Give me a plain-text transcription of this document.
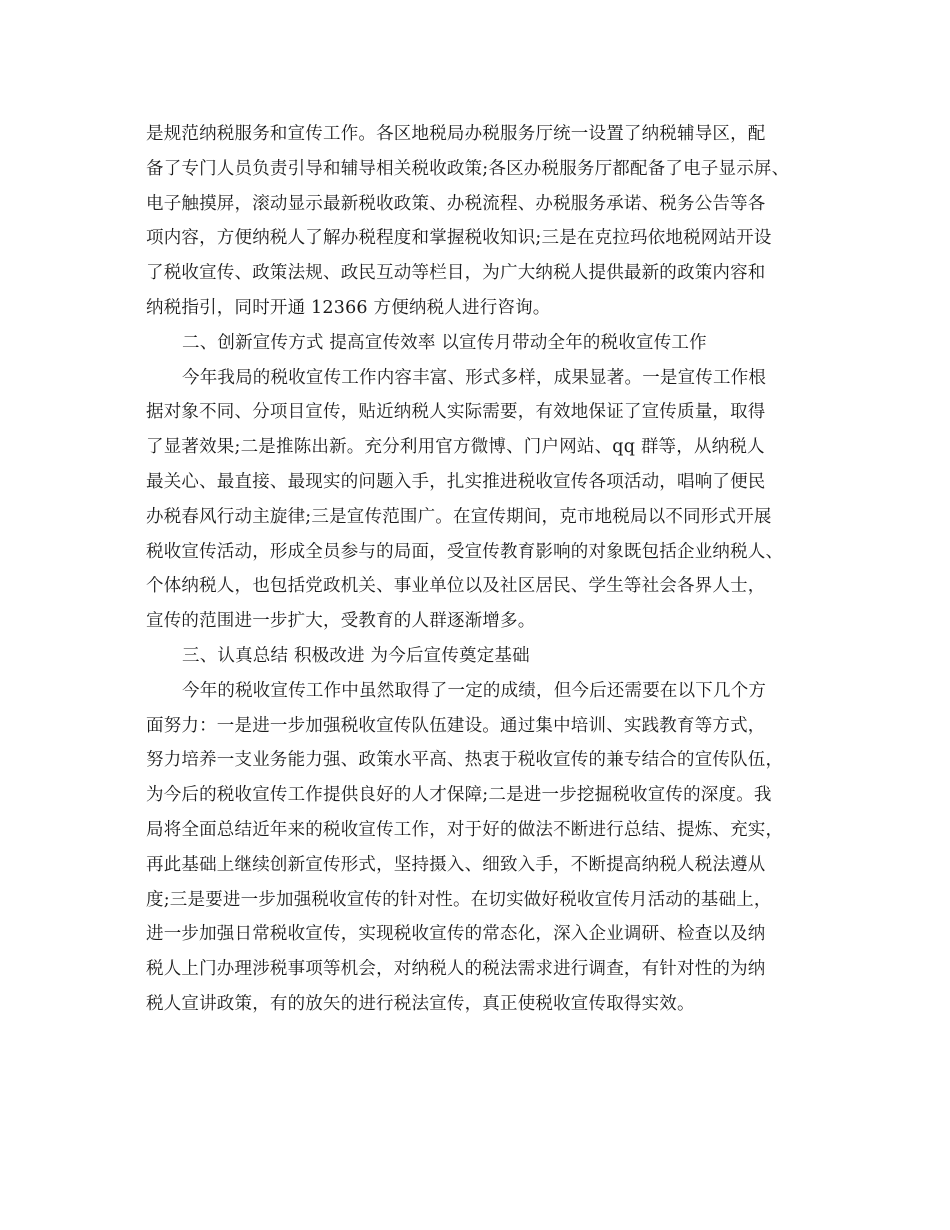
是规范纳税服务和宣传工作。各区地税局办税服务厅统一设置了纳税辅导区，配
备了专门人员负责引导和辅导相关税收政策;各区办税服务厅都配备了电子显示屏、
电子触摸屏，滚动显示最新税收政策、办税流程、办税服务承诺、税务公告等各
项内容，方便纳税人了解办税程度和掌握税收知识;三是在克拉玛依地税网站开设
了税收宣传、政策法规、政民互动等栏目，为广大纳税人提供最新的政策内容和
纳税指引，同时开通 12366 方便纳税人进行咨询。
二、创新宣传方式 提高宣传效率 以宣传月带动全年的税收宣传工作
今年我局的税收宣传工作内容丰富、形式多样，成果显著。一是宣传工作根
据对象不同、分项目宣传，贴近纳税人实际需要，有效地保证了宣传质量，取得
了显著效果;二是推陈出新。充分利用官方微博、门户网站、qq 群等，从纳税人
最关心、最直接、最现实的问题入手，扎实推进税收宣传各项活动，唱响了便民
办税春风行动主旋律;三是宣传范围广。在宣传期间，克市地税局以不同形式开展
税收宣传活动，形成全员参与的局面，受宣传教育影响的对象既包括企业纳税人、
个体纳税人，也包括党政机关、事业单位以及社区居民、学生等社会各界人士，
宣传的范围进一步扩大，受教育的人群逐渐增多。
三、认真总结 积极改进 为今后宣传奠定基础
今年的税收宣传工作中虽然取得了一定的成绩，但今后还需要在以下几个方
面努力：一是进一步加强税收宣传队伍建设。通过集中培训、实践教育等方式，
努力培养一支业务能力强、政策水平高、热衷于税收宣传的兼专结合的宣传队伍，
为今后的税收宣传工作提供良好的人才保障;二是进一步挖掘税收宣传的深度。我
局将全面总结近年来的税收宣传工作，对于好的做法不断进行总结、提炼、充实，
再此基础上继续创新宣传形式，坚持摄入、细致入手，不断提高纳税人税法遵从
度;三是要进一步加强税收宣传的针对性。在切实做好税收宣传月活动的基础上，
进一步加强日常税收宣传，实现税收宣传的常态化，深入企业调研、检查以及纳
税人上门办理涉税事项等机会，对纳税人的税法需求进行调查，有针对性的为纳
税人宣讲政策，有的放矢的进行税法宣传，真正使税收宣传取得实效。
